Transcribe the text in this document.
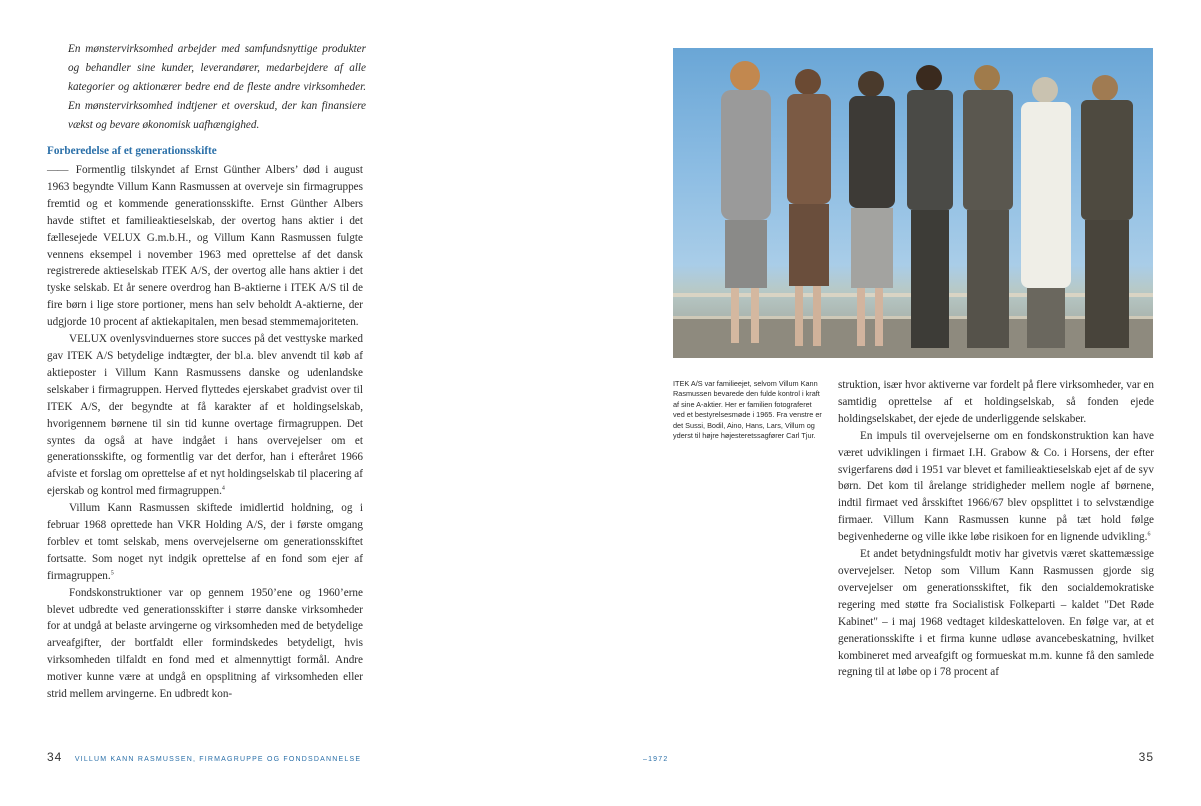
En mønstervirksomhed arbejder med samfundsnyttige produkter og behandler sine kunder, leverandører, medarbejdere af alle kategorier og aktionærer bedre end de fleste andre virksomheder. En mønstervirksomhed indtjener et overskud, der kan finansiere vækst og bevare økonomisk uafhængighed.

Forberedelse af et generationsskifte

—— Formentlig tilskyndet af Ernst Günther Albers’ død i august 1963 begyndte Villum Kann Rasmussen at overveje sin firmagruppes fremtid og et kommende generationsskifte. Ernst Günther Albers havde stiftet et familieaktieselskab, der overtog hans aktier i det fællesejede VELUX G.m.b.H., og Villum Kann Rasmussen fulgte vennens eksempel i november 1963 med oprettelse af det dansk registrerede aktieselskab ITEK A/S, der overtog alle hans aktier i det tyske selskab. Et år senere overdrog han B-aktierne i ITEK A/S til de fire børn i lige store portioner, mens han selv beholdt A-aktierne, der udgjorde 10 procent af aktiekapitalen, men besad stemmemajoriteten.

VELUX ovenlysvinduernes store succes på det vesttyske marked gav ITEK A/S betydelige indtægter, der bl.a. blev anvendt til køb af aktieposter i Villum Kann Rasmussens danske og udenlandske selskaber i firmagruppen. Herved flyttedes ejerskabet gradvist over til ITEK A/S, der begyndte at få karakter af et holdingselskab, hvorigennem børnene til sin tid kunne overtage firmagruppen. Det syntes da også at have indgået i hans overvejelser om et generationsskifte, og formentlig var det derfor, han i efteråret 1966 afviste et forslag om oprettelse af et nyt holdingselskab til placering af ejerskab og kontrol med firmagruppen.$^4$

Villum Kann Rasmussen skiftede imidlertid holdning, og i februar 1968 oprettede han VKR Holding A/S, der i første omgang forblev et tomt selskab, mens overvejelserne om generationsskiftet fortsatte. Som noget nyt indgik oprettelse af en fond som ejer af firmagruppen.$^5$

Fondskonstruktioner var op gennem 1950’ene og 1960’erne blevet udbredte ved generationsskifter i større danske virksomheder for at undgå at belaste arvingerne og virksomheden med de betydelige arveafgifter, der bortfaldt eller formindskedes betydeligt, hvis virksomheden tilfaldt en fond med et almennyttigt formål. Andre motiver kunne være at undgå en opsplitning af virksomheden eller strid mellem arvingerne. En udbredt kon-

34 VILLUM KANN RASMUSSEN, FIRMAGRUPPE OG FONDSDANNELSE

ITEK A/S var familieejet, selvom Villum Kann Rasmussen bevarede den fulde kontrol i kraft af sine A-aktier. Her er familien fotograferet ved et bestyrelsesmøde i 1965. Fra venstre er det Sussi, Bodil, Aino, Hans, Lars, Villum og yderst til højre højesteretssagfører Carl Tjur.

struktion, især hvor aktiverne var fordelt på flere virksomheder, var en samtidig oprettelse af et holdingselskab, så fonden ejede holdingselskabet, der ejede de underliggende selskaber.

En impuls til overvejelserne om en fondskonstruktion kan have været udviklingen i firmaet I.H. Grabow & Co. i Horsens, der efter svigerfarens død i 1951 var blevet et familieaktieselskab ejet af de syv børn. Det kom til årelange stridigheder mellem nogle af børnene, indtil firmaet ved årsskiftet 1966/67 blev opsplittet i to selvstændige firmaer. Villum Kann Rasmussen kunne på tæt hold følge begivenhederne og ville ikke løbe risikoen for en lignende udvikling.$^6$

Et andet betydningsfuldt motiv har givetvis været skattemæssige overvejelser. Netop som Villum Kann Rasmussen gjorde sig overvejelser om generationsskiftet, fik den socialdemokratiske regering med støtte fra Socialistisk Folkeparti – kaldet "Det Røde Kabinet" – i maj 1968 vedtaget kildeskatteloven. En følge var, at et generationsskifte i et firma kunne udløse avancebeskatning, hvilket kombineret med arveafgift og formueskat m.m. kunne få den samlede regning til at løbe op i 78 procent af

–1972	35
